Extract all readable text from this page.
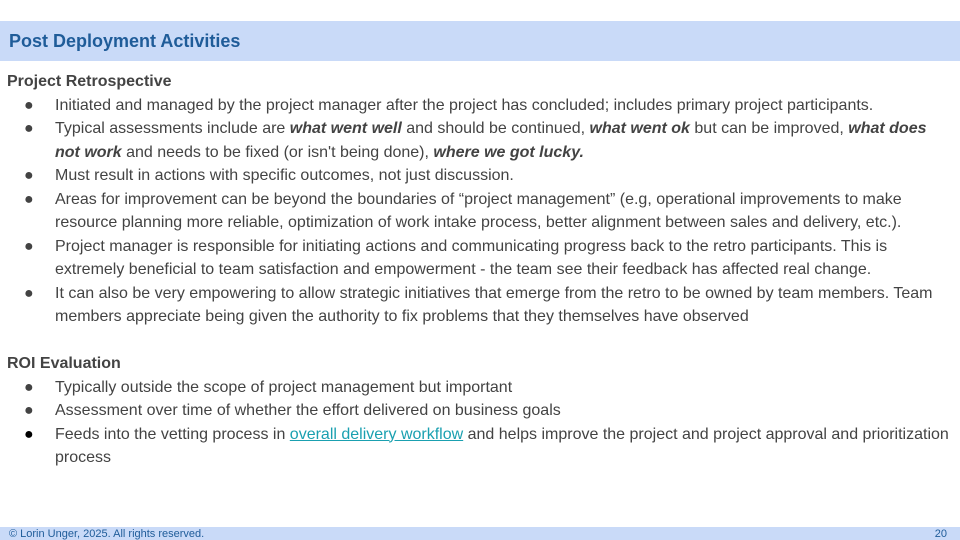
Post Deployment Activities

Project Retrospective

● Initiated and managed by the project manager after the project has concluded; includes primary project participants.
● Typical assessments include are what went well and should be continued, what went ok but can be improved, what does not work and needs to be fixed (or isn't being done), where we got lucky.
● Must result in actions with specific outcomes, not just discussion.
● Areas for improvement can be beyond the boundaries of “project management” (e.g, operational improvements to make resource planning more reliable, optimization of work intake process, better alignment between sales and delivery, etc.).
● Project manager is responsible for initiating actions and communicating progress back to the retro participants. This is extremely beneficial to team satisfaction and empowerment - the team see their feedback has affected real change.
● It can also be very empowering to allow strategic initiatives that emerge from the retro to be owned by team members. Team members appreciate being given the authority to fix problems that they themselves have observed

ROI Evaluation

● Typically outside the scope of project management but important
● Assessment over time of whether the effort delivered on business goals
● Feeds into the vetting process in overall delivery workflow and helps improve the project and project approval and prioritization process
© Lorin Unger, 2025. All rights reserved.	20
